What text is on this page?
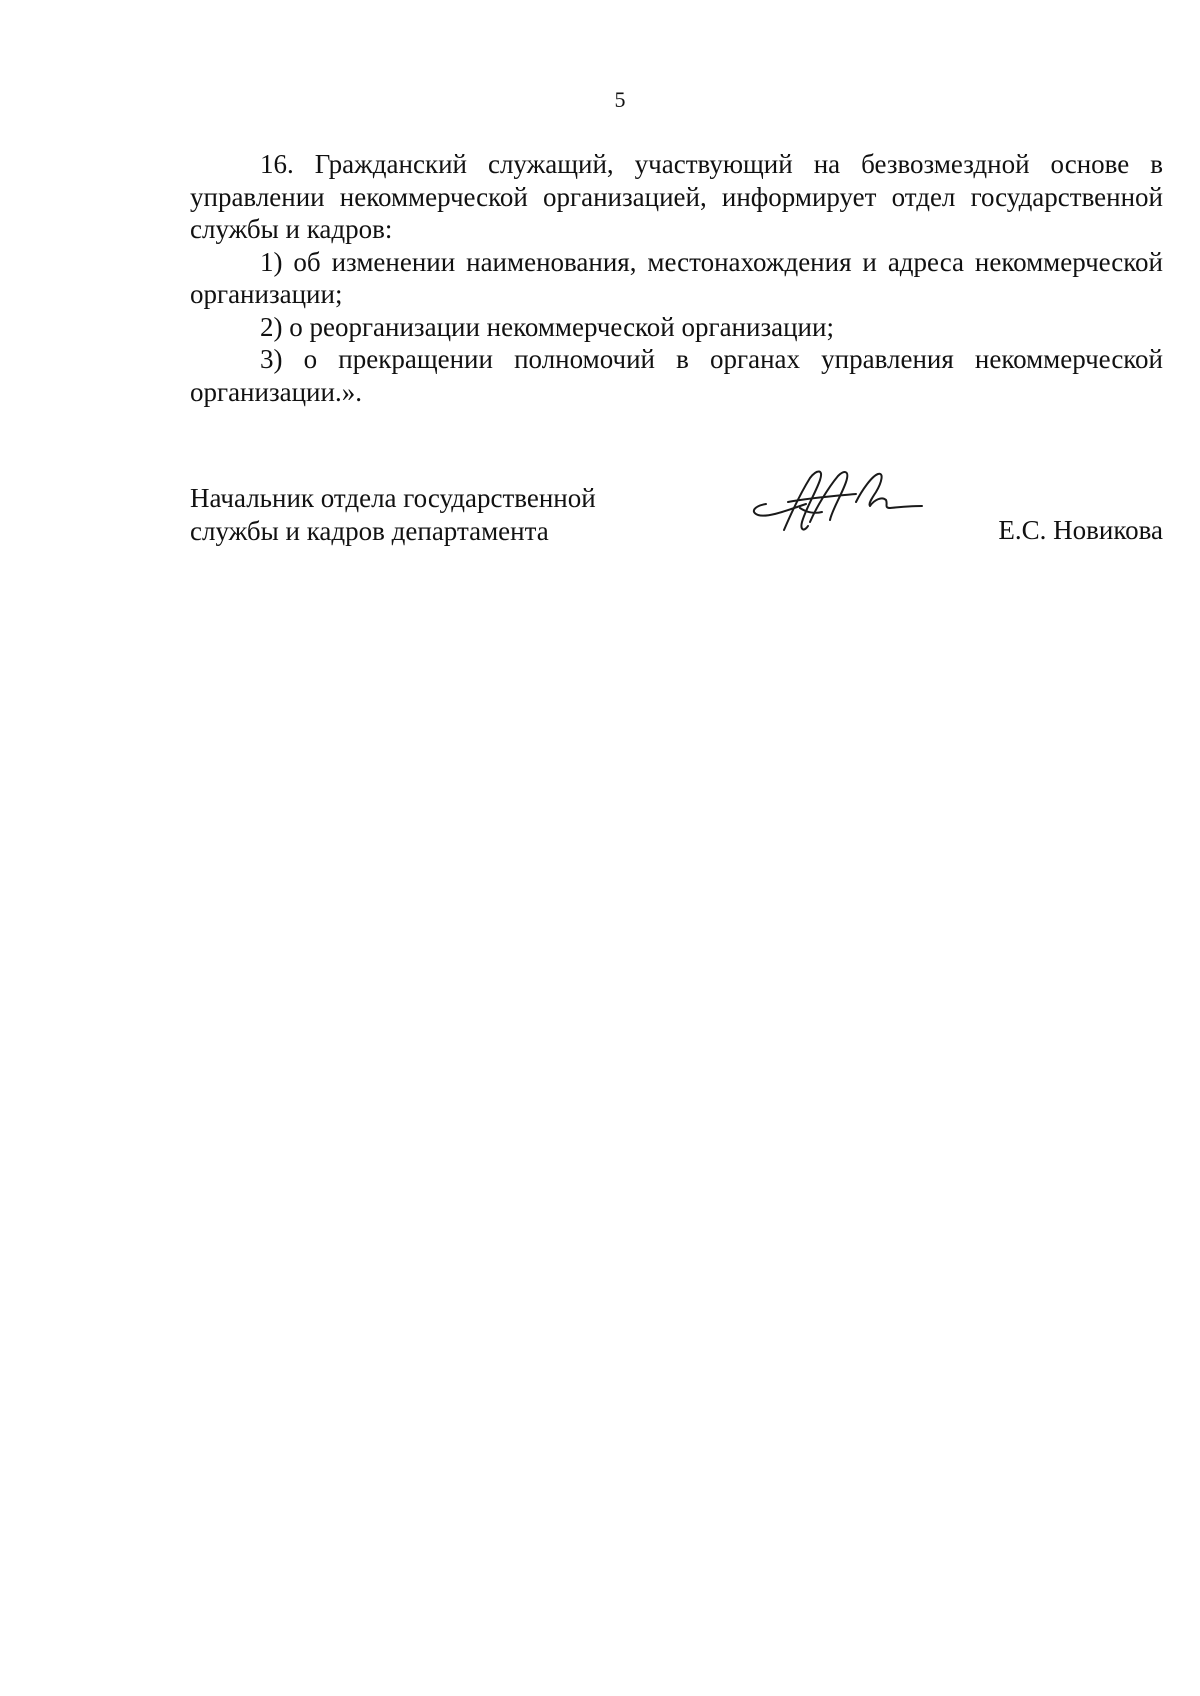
5

16. Гражданский служащий, участвующий на безвозмездной основе в управлении некоммерческой организацией, информирует отдел государственной службы и кадров:

1) об изменении наименования, местонахождения и адреса некоммерческой организации;

2) о реорганизации некоммерческой организации;

3) о прекращении полномочий в органах управления некоммерческой организации.».

Начальник отдела государственной
службы и кадров департамента	Е.С. Новикова
